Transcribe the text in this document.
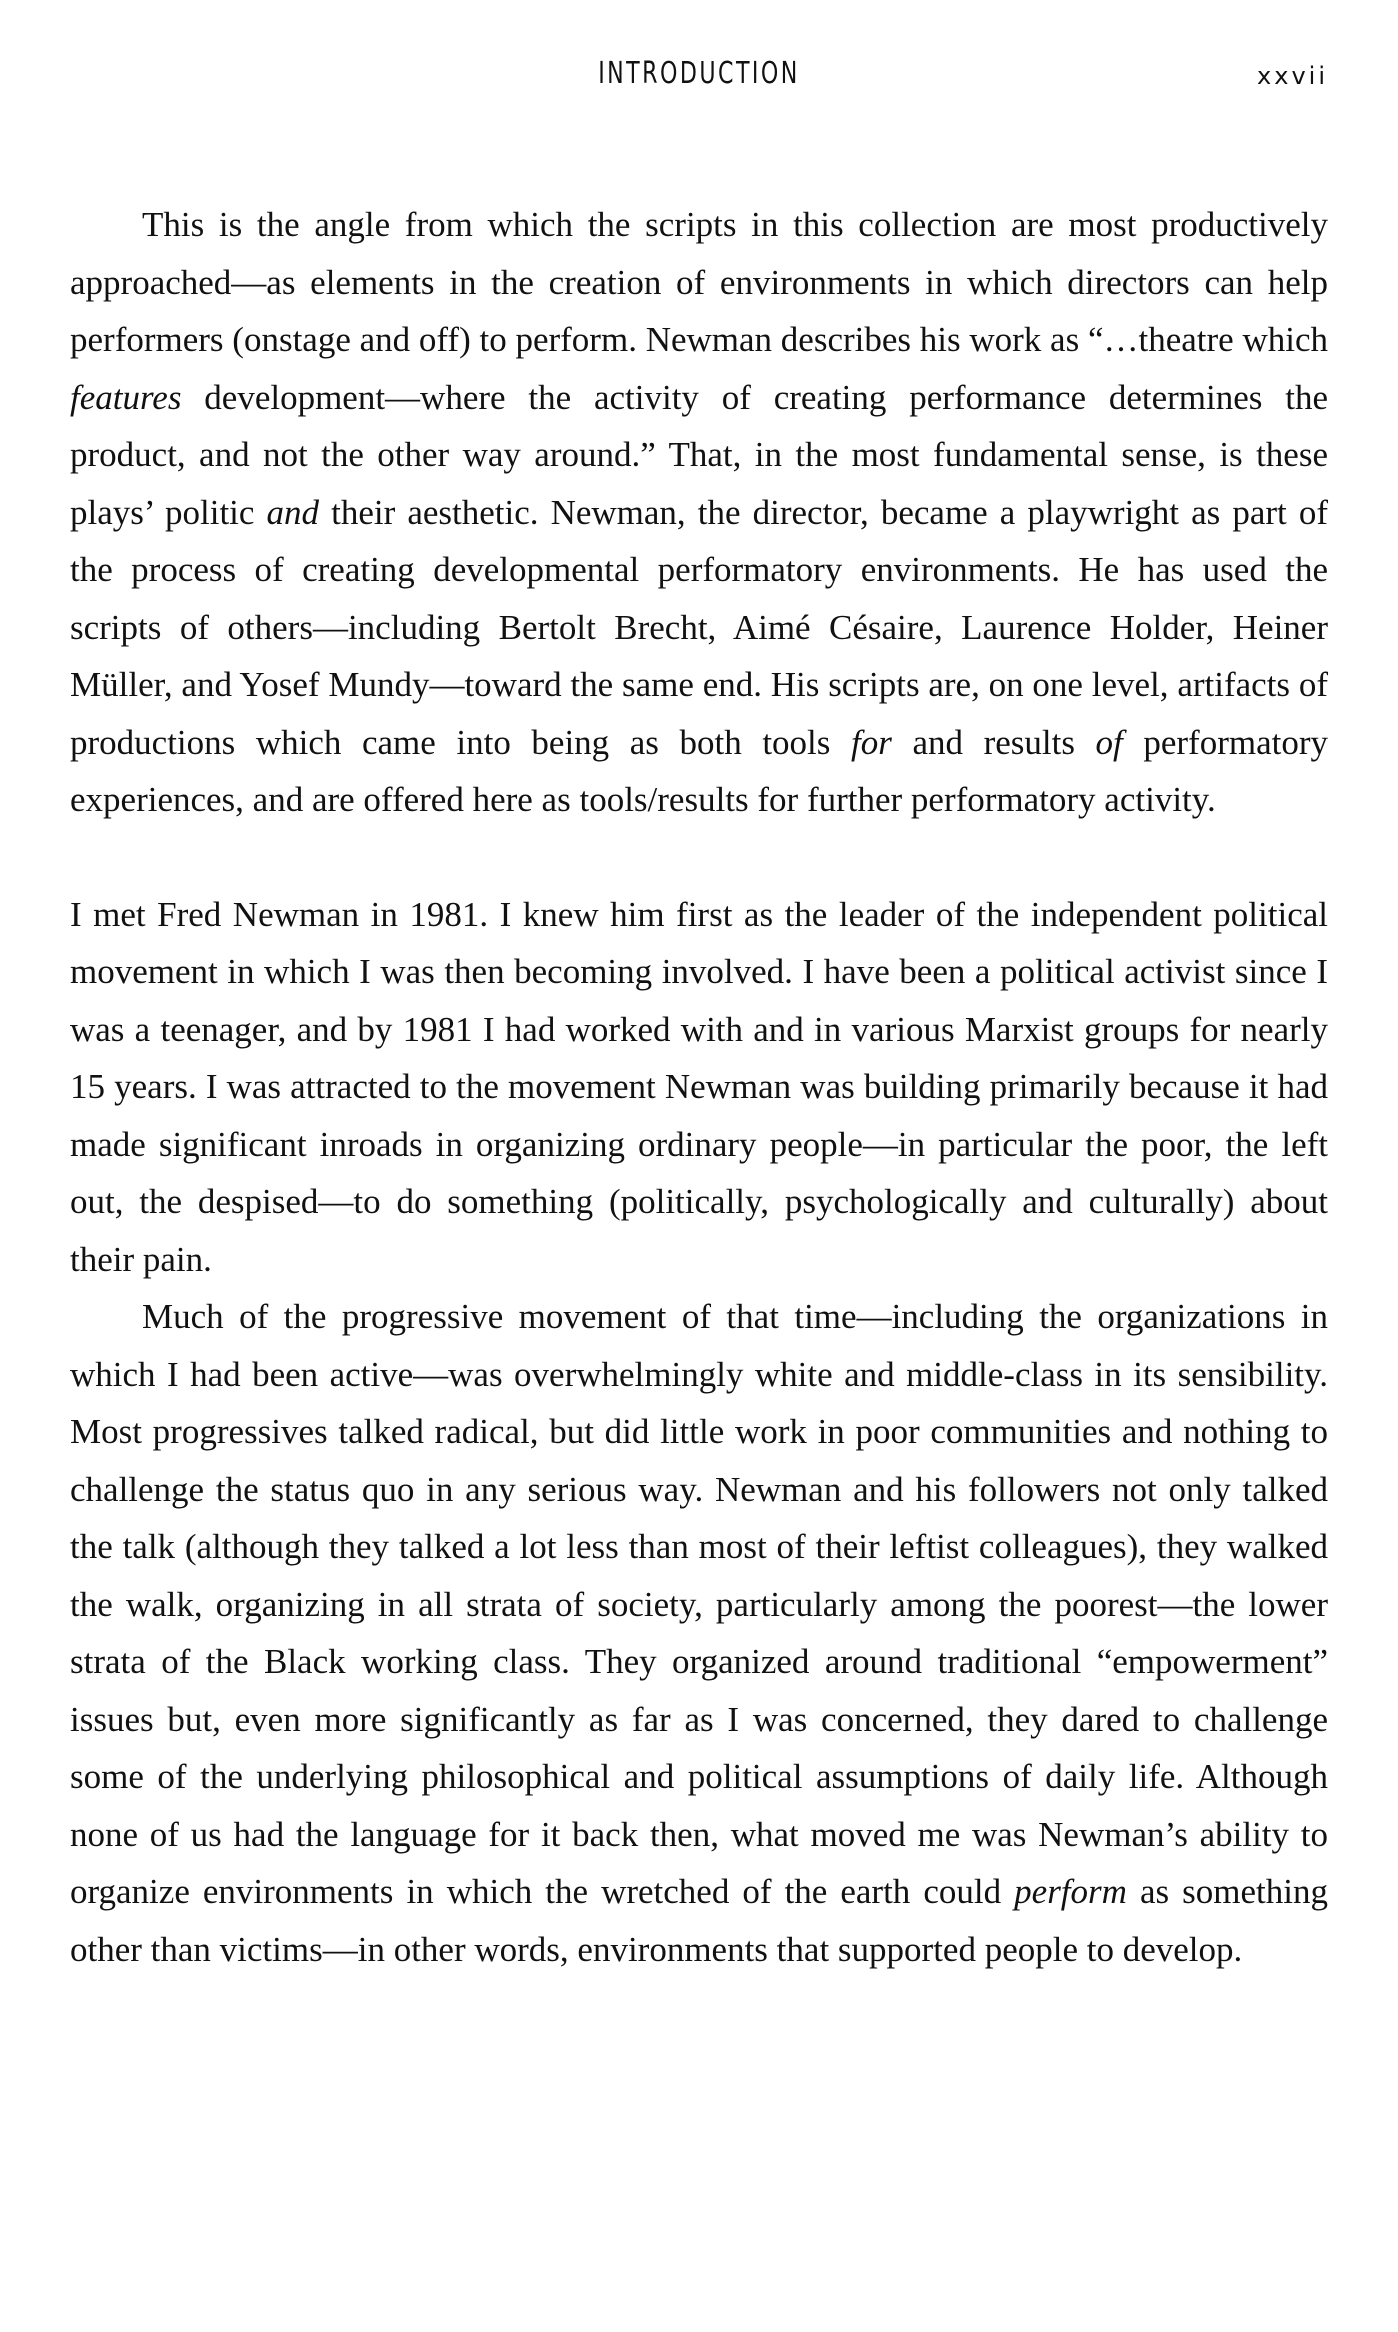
INTRODUCTION	xxvii

This is the angle from which the scripts in this collection are most productively approached—as elements in the creation of environments in which directors can help performers (onstage and off) to perform. Newman describes his work as “…theatre which features development—where the activity of creating performance determines the product, and not the other way around.” That, in the most fundamental sense, is these plays’ politic and their aesthetic. Newman, the director, became a playwright as part of the process of creating developmental performatory environments. He has used the scripts of others—including Bertolt Brecht, Aimé Césaire, Laurence Holder, Heiner Müller, and Yosef Mundy—toward the same end. His scripts are, on one level, artifacts of productions which came into being as both tools for and results of performatory experiences, and are offered here as tools/results for further performatory activity.

I met Fred Newman in 1981. I knew him first as the leader of the independent political movement in which I was then becoming involved. I have been a political activist since I was a teenager, and by 1981 I had worked with and in various Marxist groups for nearly 15 years. I was attracted to the movement Newman was building primarily because it had made significant inroads in organizing ordinary people—in particular the poor, the left out, the despised—to do something (politically, psychologically and culturally) about their pain.

Much of the progressive movement of that time—including the organizations in which I had been active—was overwhelmingly white and middle-class in its sensibility. Most progressives talked radical, but did little work in poor communities and nothing to challenge the status quo in any serious way. Newman and his followers not only talked the talk (although they talked a lot less than most of their leftist colleagues), they walked the walk, organizing in all strata of society, particularly among the poorest—the lower strata of the Black working class. They organized around traditional “empowerment” issues but, even more significantly as far as I was concerned, they dared to challenge some of the underlying philosophical and political assumptions of daily life. Although none of us had the language for it back then, what moved me was Newman’s ability to organize environments in which the wretched of the earth could perform as something other than victims—in other words, environments that supported people to develop.
